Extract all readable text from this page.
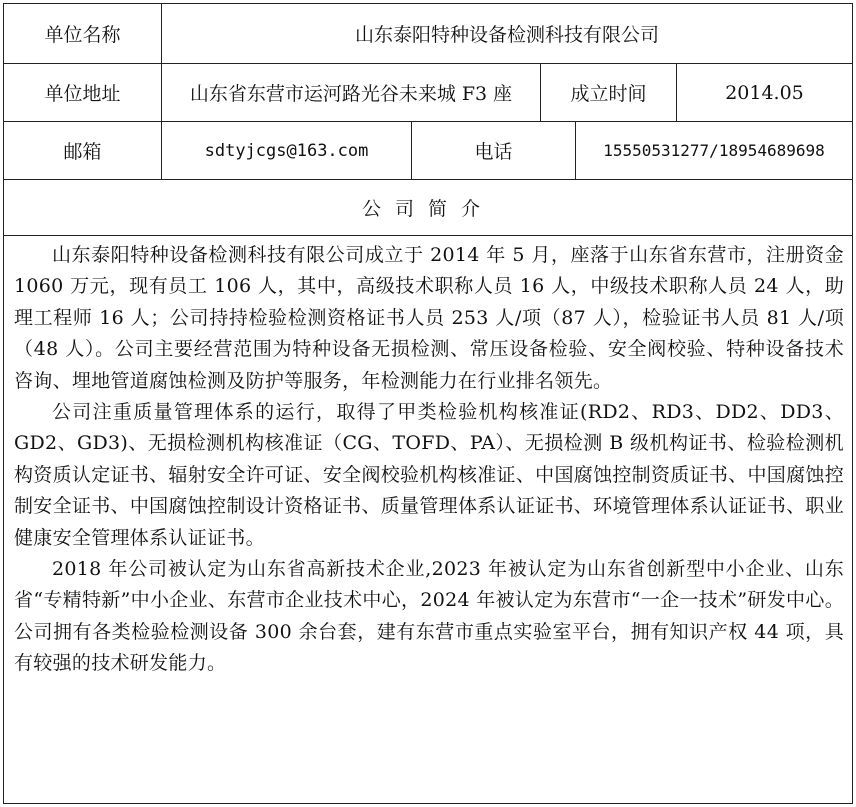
单位名称	山东泰阳特种设备检测科技有限公司
单位地址	山东省东营市运河路光谷未来城 F3 座	成立时间	2014.05
邮箱	sdtyjcgs@163.com	电话	15550531277/18954689698
公司简介

山东泰阳特种设备检测科技有限公司成立于 2014 年 5 月，座落于山东省东营市，注册资金 1060 万元，现有员工 106 人，其中，高级技术职称人员 16 人，中级技术职称人员 24 人，助理工程师 16 人；公司持持检验检测资格证书人员 253 人/项（87 人），检验证书人员 81 人/项（48 人）。公司主要经营范围为特种设备无损检测、常压设备检验、安全阀校验、特种设备技术咨询、埋地管道腐蚀检测及防护等服务，年检测能力在行业排名领先。

公司注重质量管理体系的运行，取得了甲类检验机构核准证(RD2、RD3、DD2、DD3、GD2、GD3)、无损检测机构核准证（CG、TOFD、PA）、无损检测 B 级机构证书、检验检测机构资质认定证书、辐射安全许可证、安全阀校验机构核准证、中国腐蚀控制资质证书、中国腐蚀控制安全证书、中国腐蚀控制设计资格证书、质量管理体系认证证书、环境管理体系认证证书、职业健康安全管理体系认证证书。

2018 年公司被认定为山东省高新技术企业,2023 年被认定为山东省创新型中小企业、山东省“专精特新”中小企业、东营市企业技术中心，2024 年被认定为东营市“一企一技术”研发中心。公司拥有各类检验检测设备 300 余台套，建有东营市重点实验室平台，拥有知识产权 44 项，具有较强的技术研发能力。
